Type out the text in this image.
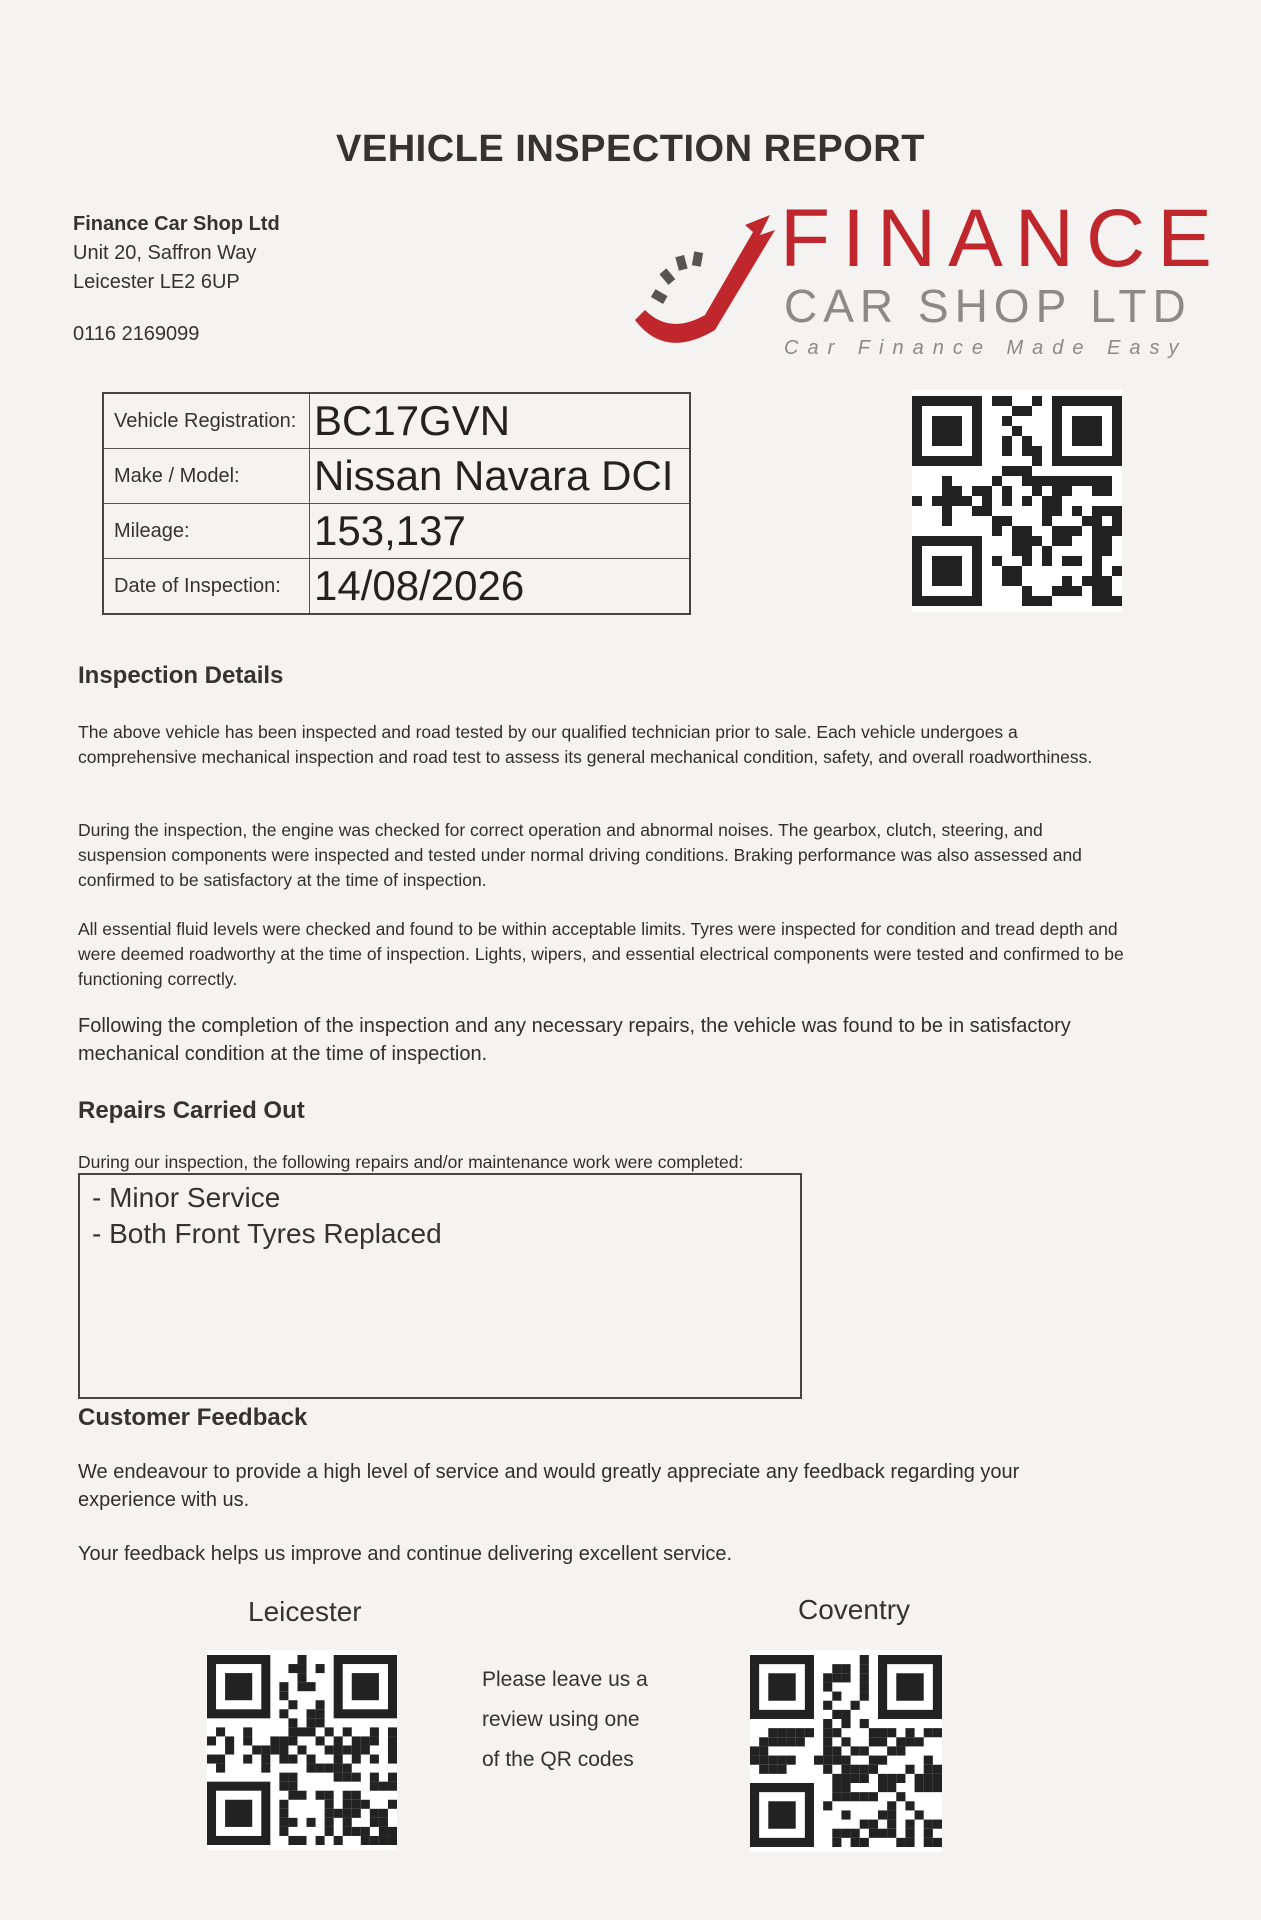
VEHICLE INSPECTION REPORT
Finance Car Shop Ltd
Unit 20, Saffron Way
Leicester LE2 6UP
0116 2169099
FINANCE
CAR SHOP LTD
Car Finance Made Easy
Vehicle Registration:	BC17GVN
Make / Model:	Nissan Navara DCI
Mileage:	153,137
Date of Inspection:	14/08/2026
Inspection Details
The above vehicle has been inspected and road tested by our qualified technician prior to sale. Each vehicle undergoes a comprehensive mechanical inspection and road test to assess its general mechanical condition, safety, and overall roadworthiness.
During the inspection, the engine was checked for correct operation and abnormal noises. The gearbox, clutch, steering, and suspension components were inspected and tested under normal driving conditions. Braking performance was also assessed and confirmed to be satisfactory at the time of inspection.
All essential fluid levels were checked and found to be within acceptable limits. Tyres were inspected for condition and tread depth and were deemed roadworthy at the time of inspection. Lights, wipers, and essential electrical components were tested and confirmed to be functioning correctly.
Following the completion of the inspection and any necessary repairs, the vehicle was found to be in satisfactory mechanical condition at the time of inspection.
Repairs Carried Out
During our inspection, the following repairs and/or maintenance work were completed:
- Minor Service
- Both Front Tyres Replaced
Customer Feedback
We endeavour to provide a high level of service and would greatly appreciate any feedback regarding your experience with us.
Your feedback helps us improve and continue delivering excellent service.
Leicester	Coventry
Please leave us a
review using one
of the QR codes
